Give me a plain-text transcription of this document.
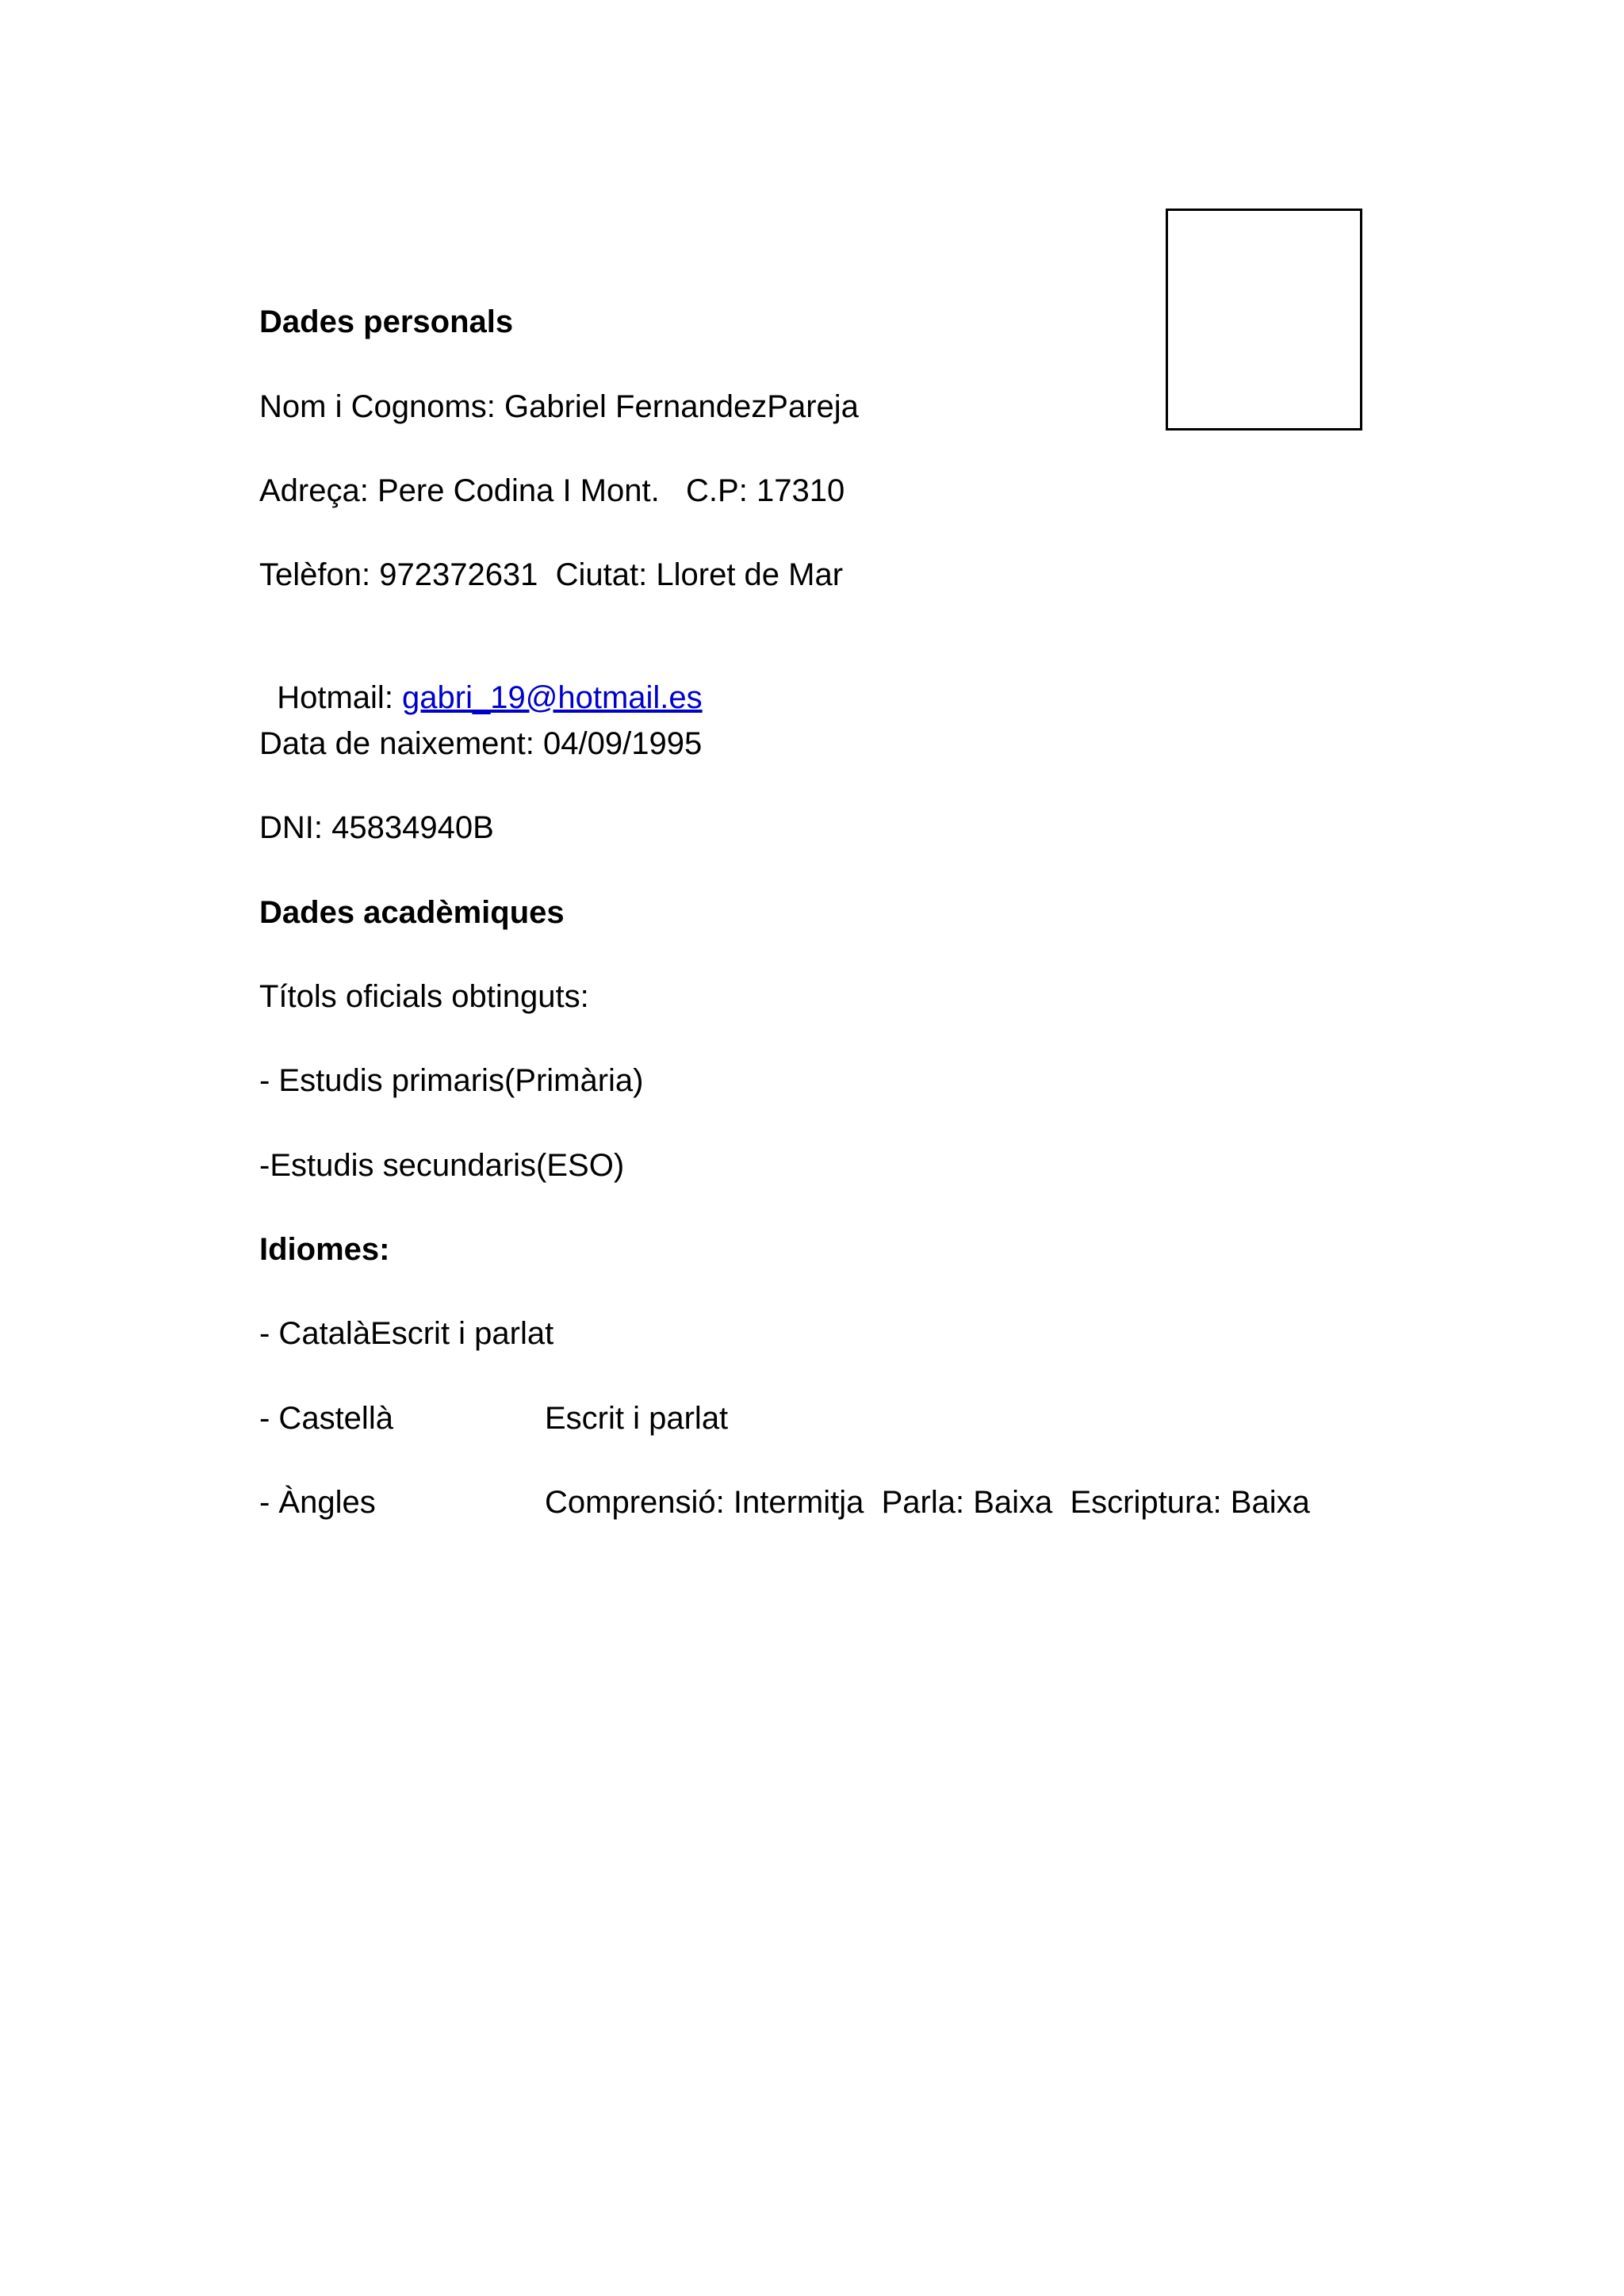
Dades personals
Nom i Cognoms: Gabriel FernandezPareja
Adreça: Pere Codina I Mont.   C.P: 17310
Telèfon: 972372631  Ciutat: Lloret de Mar

Hotmail: gabri_19@hotmail.es

Data de naixement: 04/09/1995
DNI: 45834940B
Dades acadèmiques
Títols oficials obtinguts:
- Estudis primaris(Primària)
-Estudis secundaris(ESO)
Idiomes:
- CatalàEscrit i parlat
- Castellà	Escrit i parlat
- Àngles	Comprensió: Intermitja  Parla: Baixa  Escriptura: Baixa
